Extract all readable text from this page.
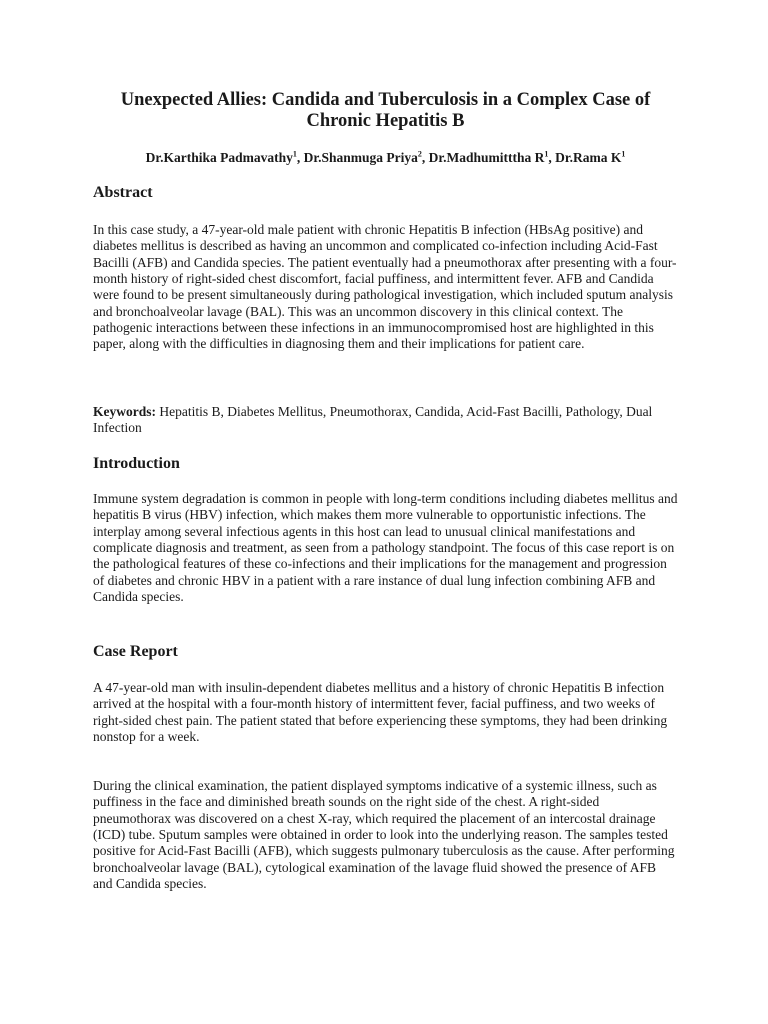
Unexpected Allies: Candida and Tuberculosis in a Complex Case of Chronic Hepatitis B

Dr.Karthika Padmavathy$^1$, Dr.Shanmuga Priya$^2$, Dr.Madhumitttha $R^1$, Dr.Rama $K^1$

Abstract

In this case study, a 47-year-old male patient with chronic Hepatitis B infection (HBsAg positive) and diabetes mellitus is described as having an uncommon and complicated co-infection including Acid-Fast Bacilli (AFB) and Candida species. The patient eventually had a pneumothorax after presenting with a four-month history of right-sided chest discomfort, facial puffiness, and intermittent fever. AFB and Candida were found to be present simultaneously during pathological investigation, which included sputum analysis and bronchoalveolar lavage (BAL). This was an uncommon discovery in this clinical context. The pathogenic interactions between these infections in an immunocompromised host are highlighted in this paper, along with the difficulties in diagnosing them and their implications for patient care.

Keywords: Hepatitis B, Diabetes Mellitus, Pneumothorax, Candida, Acid-Fast Bacilli, Pathology, Dual Infection

Introduction

Immune system degradation is common in people with long-term conditions including diabetes mellitus and hepatitis B virus (HBV) infection, which makes them more vulnerable to opportunistic infections. The interplay among several infectious agents in this host can lead to unusual clinical manifestations and complicate diagnosis and treatment, as seen from a pathology standpoint. The focus of this case report is on the pathological features of these co-infections and their implications for the management and progression of diabetes and chronic HBV in a patient with a rare instance of dual lung infection combining AFB and Candida species.

Case Report

A 47-year-old man with insulin-dependent diabetes mellitus and a history of chronic Hepatitis B infection arrived at the hospital with a four-month history of intermittent fever, facial puffiness, and two weeks of right-sided chest pain. The patient stated that before experiencing these symptoms, they had been drinking nonstop for a week.

During the clinical examination, the patient displayed symptoms indicative of a systemic illness, such as puffiness in the face and diminished breath sounds on the right side of the chest. A right-sided pneumothorax was discovered on a chest X-ray, which required the placement of an intercostal drainage (ICD) tube. Sputum samples were obtained in order to look into the underlying reason. The samples tested positive for Acid-Fast Bacilli (AFB), which suggests pulmonary tuberculosis as the cause. After performing bronchoalveolar lavage (BAL), cytological examination of the lavage fluid showed the presence of AFB and Candida species.
